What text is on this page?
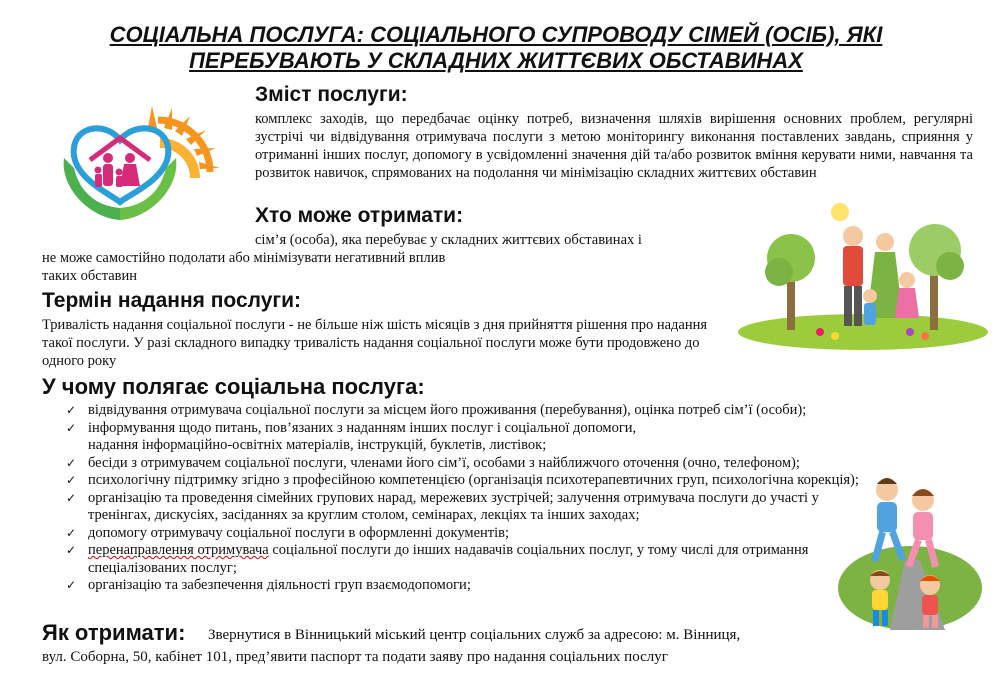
СОЦІАЛЬНА ПОСЛУГА: СОЦІАЛЬНОГО СУПРОВОДУ СІМЕЙ (ОСІБ), ЯКІ
ПЕРЕБУВАЮТЬ У СКЛАДНИХ ЖИТТЄВИХ ОБСТАВИНАХ
Зміст послуги:
комплекс заходів, що передбачає оцінку потреб, визначення шляхів вирішення основних проблем, регулярні зустрічі чи відвідування отримувача послуги з метою моніторингу виконання поставлених завдань, сприяння у отриманні інших послуг, допомогу в усвідомленні значення дій та/або розвиток вміння керувати ними, навчання та розвиток навичок, спрямованих на подолання чи мінімізацію складних життєвих обставин
Хто може отримати:
сім’я (особа), яка перебуває у складних життєвих обставинах і
не може самостійно подолати або мінімізувати негативний вплив
таких обставин
Термін надання послуги:
Тривалість надання соціальної послуги - не більше ніж шість місяців з дня прийняття рішення про надання такої послуги. У разі складного випадку тривалість надання соціальної послуги може бути продовжено до одного року
У чому полягає соціальна послуга:
✓ відвідування отримувача соціальної послуги за місцем його проживання (перебування), оцінка потреб сім’ї (особи);
✓ інформування щодо питань, пов’язаних з наданням інших послуг і соціальної допомоги,
надання інформаційно-освітніх матеріалів, інструкцій, буклетів, листівок;
✓ бесіди з отримувачем соціальної послуги, членами його сім’ї, особами з найближчого оточення (очно, телефоном);
✓ психологічну підтримку згідно з професійною компетенцією (організація психотерапевтичних груп, психологічна корекція);
✓ організацію та проведення сімейних групових нарад, мережевих зустрічей; залучення отримувача послуги до участі у тренінгах, дискусіях, засіданнях за круглим столом, семінарах, лекціях та інших заходах;
✓ допомогу отримувачу соціальної послуги в оформленні документів;
✓ перенаправлення отримувача соціальної послуги до інших надавачів соціальних послуг, у тому числі для отримання спеціалізованих послуг;
✓ організацію та забезпечення діяльності груп взаємодопомоги;
Як отримати: Звернутися в Вінницький міський центр соціальних служб за адресою: м. Вінниця,
вул. Соборна, 50, кабінет 101, пред’явити паспорт та подати заяву про надання соціальних послуг
